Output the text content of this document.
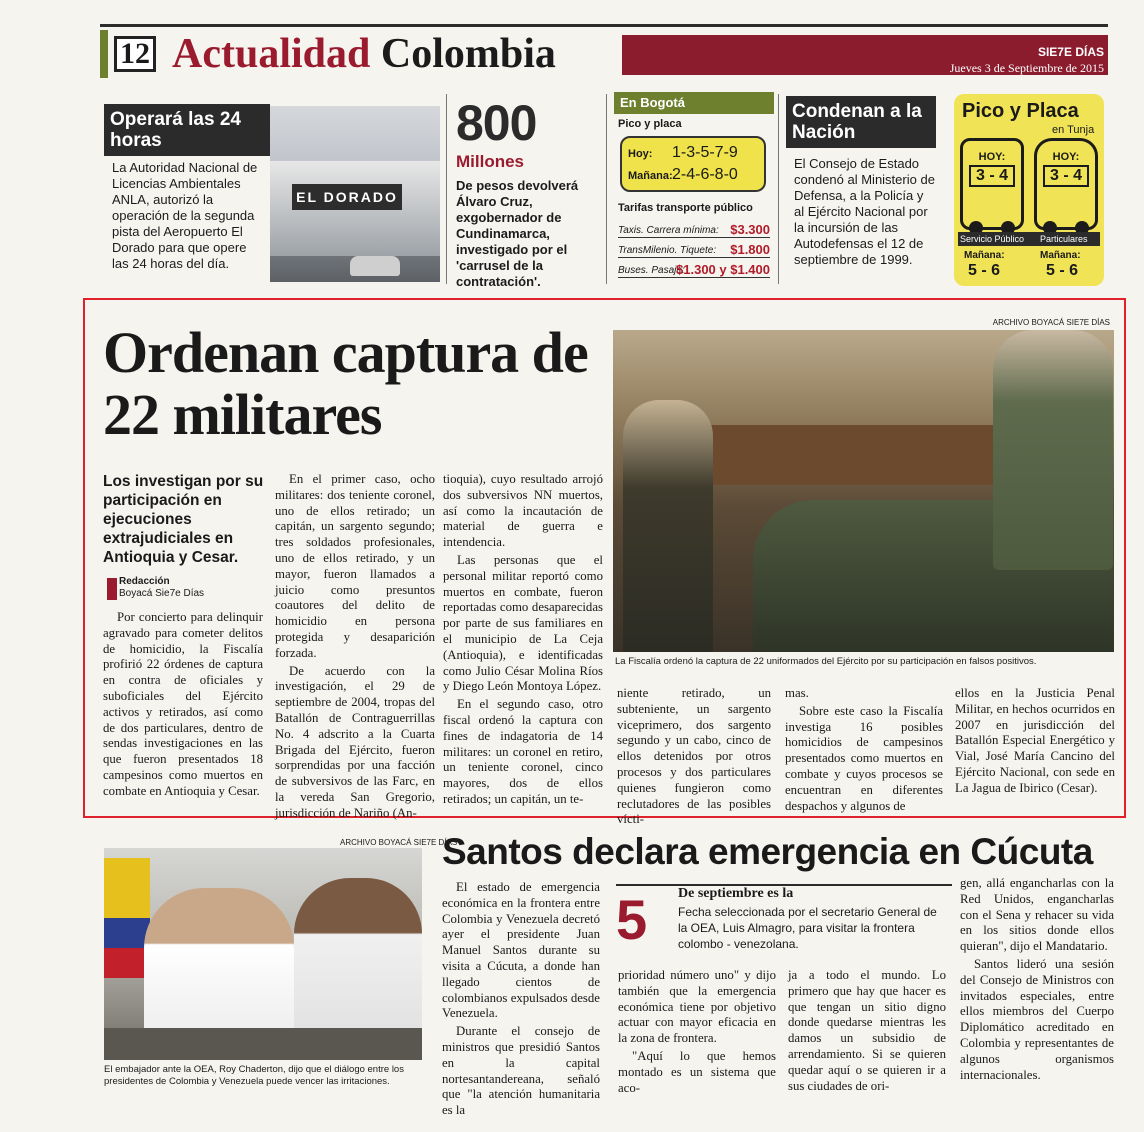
12 Actualidad Colombia	SIE7E DÍAS
Jueves 3 de Septiembre de 2015
Operará las 24 horas
La Autoridad Nacional de Licencias Ambientales ANLA, autorizó la operación de la segunda pista del Aeropuerto El Dorado para que opere las 24 horas del día.
EL DORADO
800
Millones
De pesos devolverá Álvaro Cruz, exgobernador de Cundinamarca, investigado por el 'carrusel de la contratación'.
En Bogotá
Pico y placa
Hoy: 1-3-5-7-9
Mañana:2-4-6-8-0
Tarifas transporte público
Taxis. Carrera mínima: $3.300
TransMilenio. Tiquete: $1.800
Buses. Pasaje:
$1.300 y $1.400
Condenan a la Nación
El Consejo de Estado condenó al Ministerio de Defensa, a la Policía y al Ejército Nacional por la incursión de las Autodefensas el 12 de septiembre de 1999.
Pico y Placa
en Tunja
HOY:
3 - 4
HOY:
3 - 4
Servicio Público Particulares
Mañana:	Mañana:
5 - 6	5 - 6
Ordenan captura de 22 militares
Los investigan por su participación en ejecuciones extrajudiciales en Antioquia y Cesar.
Redacción
Boyacá Sie7e Días

Por concierto para delinquir agravado para cometer delitos de homicidio, la Fiscalía profirió 22 órdenes de captura en contra de oficiales y suboficiales del Ejército activos y retirados, así como de dos particulares, dentro de sendas investigaciones en las que fueron presentados 18 campesinos como muertos en combate en Antioquia y Cesar.

En el primer caso, ocho militares: dos teniente coronel, uno de ellos retirado; un capitán, un sargento segundo; tres soldados profesionales, uno de ellos retirado, y un mayor, fueron llamados a juicio como presuntos coautores del delito de homicidio en persona protegida y desaparición forzada.

De acuerdo con la investigación, el 29 de septiembre de 2004, tropas del Batallón de Contraguerrillas No. 4 adscrito a la Cuarta Brigada del Ejército, fueron sorprendidas por una facción de subversivos de las Farc, en la vereda San Gregorio, jurisdicción de Nariño (An-

tioquia), cuyo resultado arrojó dos subversivos NN muertos, así como la incautación de material de guerra e intendencia.

Las personas que el personal militar reportó como muertos en combate, fueron reportadas como desaparecidas por parte de sus familiares en el municipio de La Ceja (Antioquia), e identificadas como Julio César Molina Ríos y Diego León Montoya López.

En el segundo caso, otro fiscal ordenó la captura con fines de indagatoria de 14 militares: un coronel en retiro, un teniente coronel, cinco mayores, dos de ellos retirados; un capitán, un te-

ARCHIVO BOYACÁ SIE7E DÍAS
La Fiscalía ordenó la captura de 22 uniformados del Ejército por su participación en falsos positivos.

niente retirado, un subteniente, un sargento viceprimero, dos sargento segundo y un cabo, cinco de ellos detenidos por otros procesos y dos particulares quienes fungieron como reclutadores de las posibles vícti-

mas.

Sobre este caso la Fiscalía investiga 16 posibles homicidios de campesinos presentados como muertos en combate y cuyos procesos se encuentran en diferentes despachos y algunos de

ellos en la Justicia Penal Militar, en hechos ocurridos en 2007 en jurisdicción del Batallón Especial Energético y Vial, José María Cancino del Ejército Nacional, con sede en La Jagua de Ibirico (Cesar).

ARCHIVO BOYACÁ SIE7E DÍAS
El embajador ante la OEA, Roy Chaderton, dijo que el diálogo entre los presidentes de Colombia y Venezuela puede vencer las irritaciones.
Santos declara emergencia en Cúcuta

El estado de emergencia económica en la frontera entre Colombia y Venezuela decretó ayer el presidente Juan Manuel Santos durante su visita a Cúcuta, a donde han llegado cientos de colombianos expulsados desde Venezuela.

Durante el consejo de ministros que presidió Santos en la capital nortesantandereana, señaló que "la atención humanitaria es la

5 De septiembre es la
Fecha seleccionada por el secretario General de la OEA, Luis Almagro, para visitar la frontera colombo - venezolana.

prioridad número uno" y dijo también que la emergencia económica tiene por objetivo actuar con mayor eficacia en la zona de frontera.

"Aquí lo que hemos montado es un sistema que aco-

ja a todo el mundo. Lo primero que hay que hacer es que tengan un sitio digno donde quedarse mientras les damos un subsidio de arrendamiento. Si se quieren quedar aquí o se quieren ir a sus ciudades de ori-

gen, allá engancharlas con la Red Unidos, engancharlas con el Sena y rehacer su vida en los sitios donde ellos quieran", dijo el Mandatario.

Santos lideró una sesión del Consejo de Ministros con invitados especiales, entre ellos miembros del Cuerpo Diplomático acreditado en Colombia y representantes de algunos organismos internacionales.
